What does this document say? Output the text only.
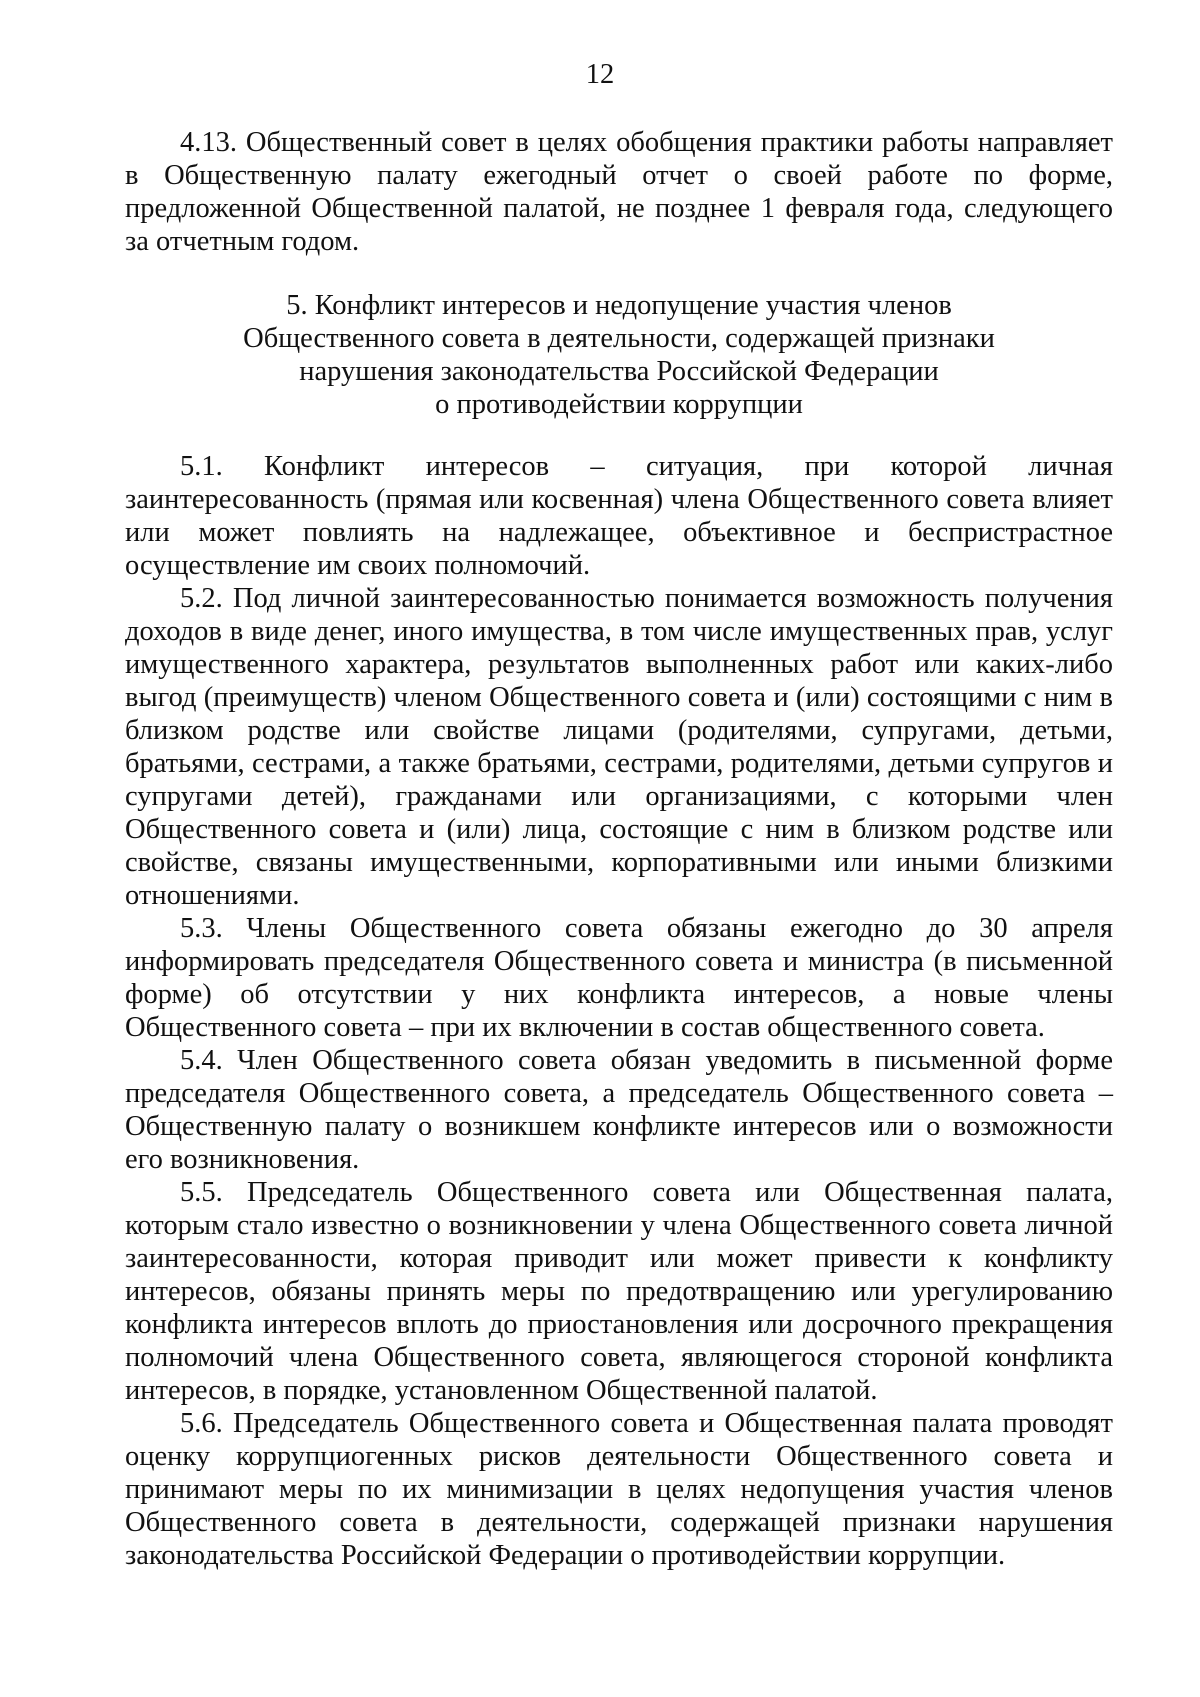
12

4.13. Общественный совет в целях обобщения практики работы направляет в Общественную палату ежегодный отчет о своей работе по форме, предложенной Общественной палатой, не позднее 1 февраля года, следующего за отчетным годом.

5. Конфликт интересов и недопущение участия членов
Общественного совета в деятельности, содержащей признаки
нарушения законодательства Российской Федерации
о противодействии коррупции

5.1. Конфликт интересов – ситуация, при которой личная заинтересованность (прямая или косвенная) члена Общественного совета влияет или может повлиять на надлежащее, объективное и беспристрастное осуществление им своих полномочий.

5.2. Под личной заинтересованностью понимается возможность получения доходов в виде денег, иного имущества, в том числе имущественных прав, услуг имущественного характера, результатов выполненных работ или каких-либо выгод (преимуществ) членом Общественного совета и (или) состоящими с ним в близком родстве или свойстве лицами (родителями, супругами, детьми, братьями, сестрами, а также братьями, сестрами, родителями, детьми супругов и супругами детей), гражданами или организациями, с которыми член Общественного совета и (или) лица, состоящие с ним в близком родстве или свойстве, связаны имущественными, корпоративными или иными близкими отношениями.

5.3. Члены Общественного совета обязаны ежегодно до 30 апреля информировать председателя Общественного совета и министра (в письменной форме) об отсутствии у них конфликта интересов, а новые члены Общественного совета – при их включении в состав общественного совета.

5.4. Член Общественного совета обязан уведомить в письменной форме председателя Общественного совета, а председатель Общественного совета – Общественную палату о возникшем конфликте интересов или о возможности его возникновения.

5.5. Председатель Общественного совета или Общественная палата, которым стало известно о возникновении у члена Общественного совета личной заинтересованности, которая приводит или может привести к конфликту интересов, обязаны принять меры по предотвращению или урегулированию конфликта интересов вплоть до приостановления или досрочного прекращения полномочий члена Общественного совета, являющегося стороной конфликта интересов, в порядке, установленном Общественной палатой.

5.6. Председатель Общественного совета и Общественная палата проводят оценку коррупциогенных рисков деятельности Общественного совета и принимают меры по их минимизации в целях недопущения участия членов Общественного совета в деятельности, содержащей признаки нарушения законодательства Российской Федерации о противодействии коррупции.
